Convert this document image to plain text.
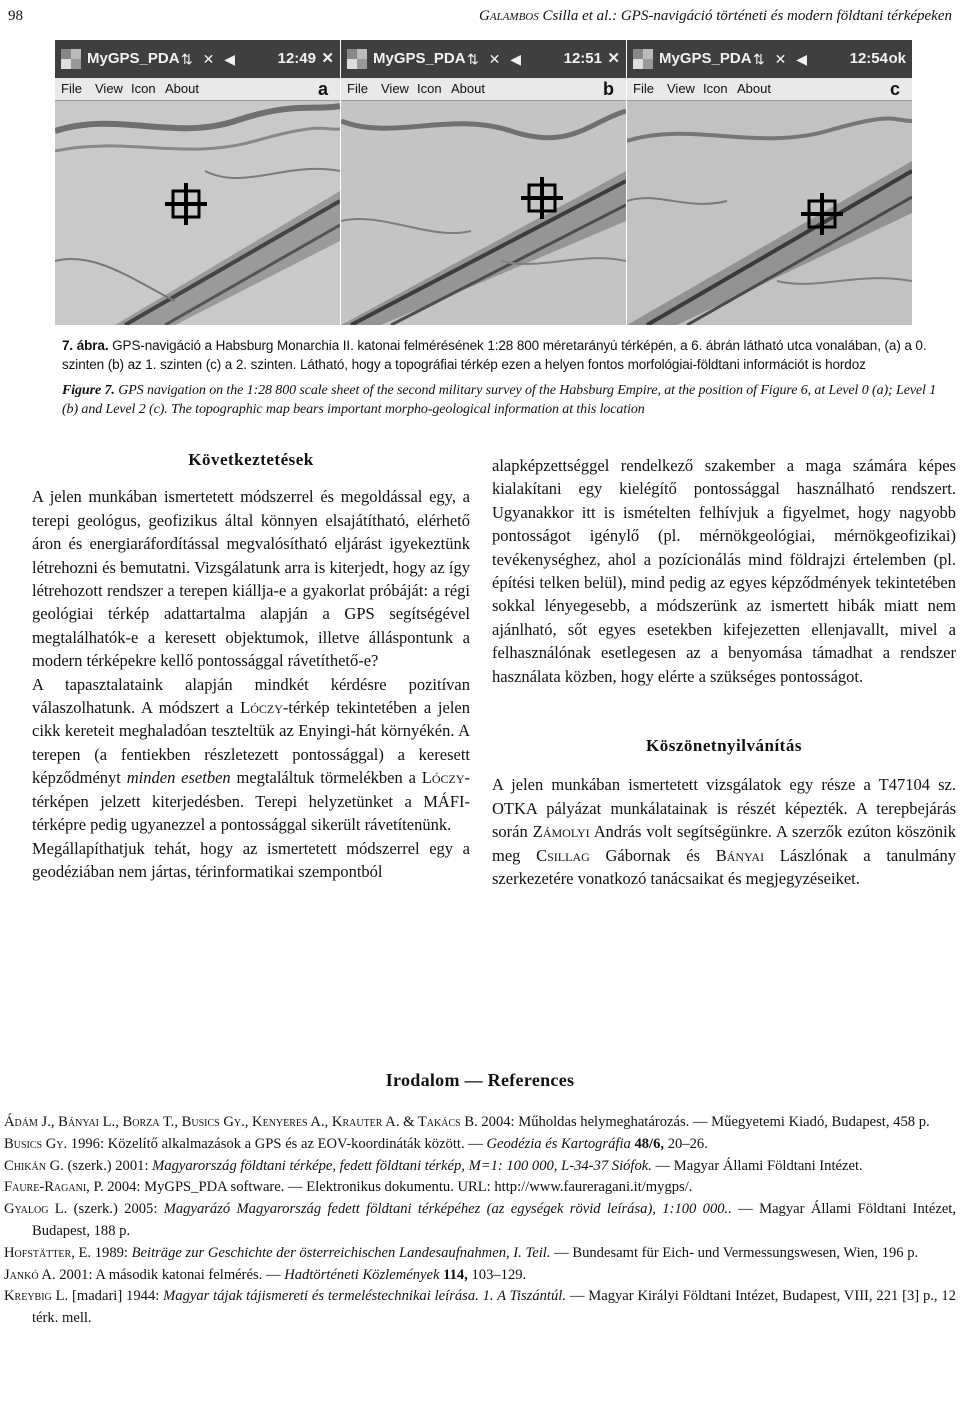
98	Galambos Csilla et al.: GPS-navigáció történeti és modern földtani térképeken
MyGPS_PDA ⇅ ✕ ◀	12:49 ✕
File View Icon About	a
MyGPS_PDA ⇅ ✕ ◀	12:51 ✕
File View Icon About	b
MyGPS_PDA ⇅ ✕ ◀	12:54 ok
File View Icon About	c
7. ábra. GPS-navigáció a Habsburg Monarchia II. katonai felmérésének 1:28 800 méretarányú térképén, a 6. ábrán látható utca vonalában, (a) a 0. szinten (b) az 1. szinten (c) a 2. szinten. Látható, hogy a topográfiai térkép ezen a helyen fontos morfológiai-földtani információt is hordoz
Figure 7. GPS navigation on the 1:28 800 scale sheet of the second military survey of the Habsburg Empire, at the position of Figure 6, at Level 0 (a); Level 1 (b) and Level 2 (c). The topographic map bears important morpho-geological information at this location
Következtetések

A jelen munkában ismertetett módszerrel és megoldással egy, a terepi geológus, geofizikus által könnyen elsajátítható, elérhető áron és energiaráfordítással megvalósítható eljárást igyekeztünk létrehozni és bemutatni. Vizsgálatunk arra is kiterjedt, hogy az így létrehozott rendszer a terepen kiállja-e a gyakorlat próbáját: a régi geológiai térkép adattartalma alapján a GPS segítségével megtalálhatók-e a keresett objektumok, illetve álláspontunk a modern térképekre kellő pontossággal rávetíthető-e?

A tapasztalataink alapján mindkét kérdésre pozitívan válaszolhatunk. A módszert a Lóczy-térkép tekintetében a jelen cikk kereteit meghaladóan teszteltük az Enyingi-hát környékén. A terepen (a fentiekben részletezett pontossággal) a keresett képződményt minden esetben megtaláltuk törmelékben a Lóczy-térképen jelzett kiterjedésben. Terepi helyzetünket a MÁFI-térképre pedig ugyanezzel a pontossággal sikerült rávetítenünk.

Megállapíthatjuk tehát, hogy az ismertetett módszerrel egy a geodéziában nem jártas, térinformatikai szempontból

alapképzettséggel rendelkező szakember a maga számára képes kialakítani egy kielégítő pontossággal használható rendszert. Ugyanakkor itt is ismételten felhívjuk a figyelmet, hogy nagyobb pontosságot igénylő (pl. mérnökgeológiai, mérnökgeofizikai) tevékenységhez, ahol a pozícionálás mind földrajzi értelemben (pl. építési telken belül), mind pedig az egyes képződmények tekintetében sokkal lényegesebb, a módszerünk az ismertett hibák miatt nem ajánlható, sőt egyes esetekben kifejezetten ellenjavallt, mivel a felhasználónak esetlegesen az a benyomása támadhat a rendszer használata közben, hogy elérte a szükséges pontosságot.

Köszönetnyilvánítás

A jelen munkában ismertetett vizsgálatok egy része a T47104 sz. OTKA pályázat munkálatainak is részét képezték. A terepbejárás során Zámolyi András volt segítségünkre. A szerzők ezúton köszönik meg Csillag Gábornak és Bányai Lászlónak a tanulmány szerkezetére vonatkozó tanácsaikat és megjegyzéseiket.

Irodalom — References

Ádám J., Bányai L., Borza T., Busics Gy., Kenyeres A., Krauter A. & Takács B. 2004: Műholdas helymeghatározás. — Műegyetemi Kiadó, Budapest, 458 p.

Busics Gy. 1996: Közelítő alkalmazások a GPS és az EOV-koordináták között. — Geodézia és Kartográfia 48/6, 20–26.

Chikán G. (szerk.) 2001: Magyarország földtani térképe, fedett földtani térkép, M=1: 100 000, L-34-37 Siófok. — Magyar Állami Földtani Intézet.

Faure-Ragani, P. 2004: MyGPS_PDA software. — Elektronikus dokumentu. URL: http://www.faureragani.it/mygps/.

Gyalog L. (szerk.) 2005: Magyarázó Magyarország fedett földtani térképéhez (az egységek rövid leírása), 1:100 000.. — Magyar Állami Földtani Intézet, Budapest, 188 p.

Hofstätter, E. 1989: Beiträge zur Geschichte der österreichischen Landesaufnahmen, I. Teil. — Bundesamt für Eich- und Vermessungswesen, Wien, 196 p.

Jankó A. 2001: A második katonai felmérés. — Hadtörténeti Közlemények 114, 103–129.

Kreybig L. [madari] 1944: Magyar tájak tájismereti és termeléstechnikai leírása. 1. A Tiszántúl. — Magyar Királyi Földtani Intézet, Budapest, VIII, 221 [3] p., 12 térk. mell.
